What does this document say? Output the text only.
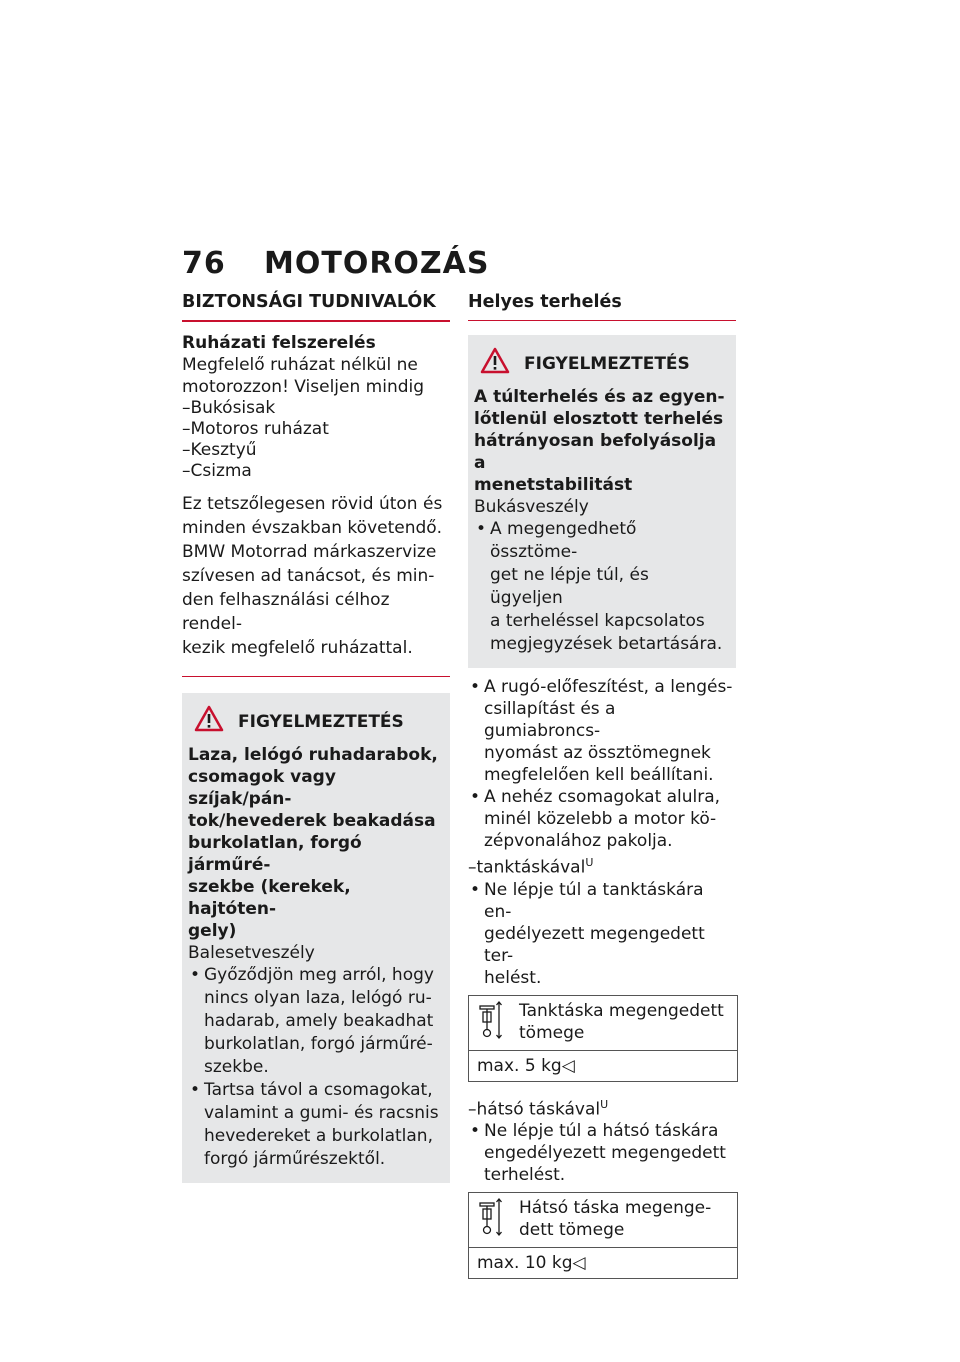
76 MOTOROZÁS
BIZTONSÁGI TUDNIVALÓK
Ruházati felszerelés

Megfelelő ruházat nélkül ne

motorozzon! Viseljen mindig

–Bukósisak
–Motoros ruházat
–Kesztyű
–Csizma

Ez tetszőlegesen rövid úton és

minden évszakban követendő.

BMW Motorrad márkaszervize

szívesen ad tanácsot, és min-

den felhasználási célhoz rendel-

kezik megfelelő ruházattal.

FIGYELMEZTETÉS
Laza, lelógó ruhadarabok,
csomagok vagy szíjak/pán-
tok/hevederek beakadása
burkolatlan, forgó járműré-
szekbe (kerekek, hajtóten-
gely)
Balesetveszély
• Győződjön meg arról, hogy
nincs olyan laza, lelógó ru-
hadarab, amely beakadhat
burkolatlan, forgó járműré-
szekbe.
• Tartsa távol a csomagokat,
valamint a gumi- és racsnis
hevedereket a burkolatlan,
forgó járműrészektől.
Helyes terhelés
FIGYELMEZTETÉS
A túlterhelés és az egyen-
lőtlenül elosztott terhelés
hátrányosan befolyásolja a
menetstabilitást
Bukásveszély
• A megengedhető össztöme-
get ne lépje túl, és ügyeljen
a terheléssel kapcsolatos
megjegyzések betartására.
• A rugó-előfeszítést, a lengés-
csillapítást és a gumiabroncs-
nyomást az össztömegnek
megfelelően kell beállítani.
• A nehéz csomagokat alulra,
minél közelebb a motor kö-
zépvonalához pakolja.
–tanktáskával$^U$
• Ne lépje túl a tanktáskára en-
gedélyezett megengedett ter-
helést.
Tanktáska megengedett
tömege
max. 5 kg◁
–hátsó táskával$^U$
• Ne lépje túl a hátsó táskára
engedélyezett megengedett
terhelést.
Hátsó táska megenge-
dett tömege
max. 10 kg◁
